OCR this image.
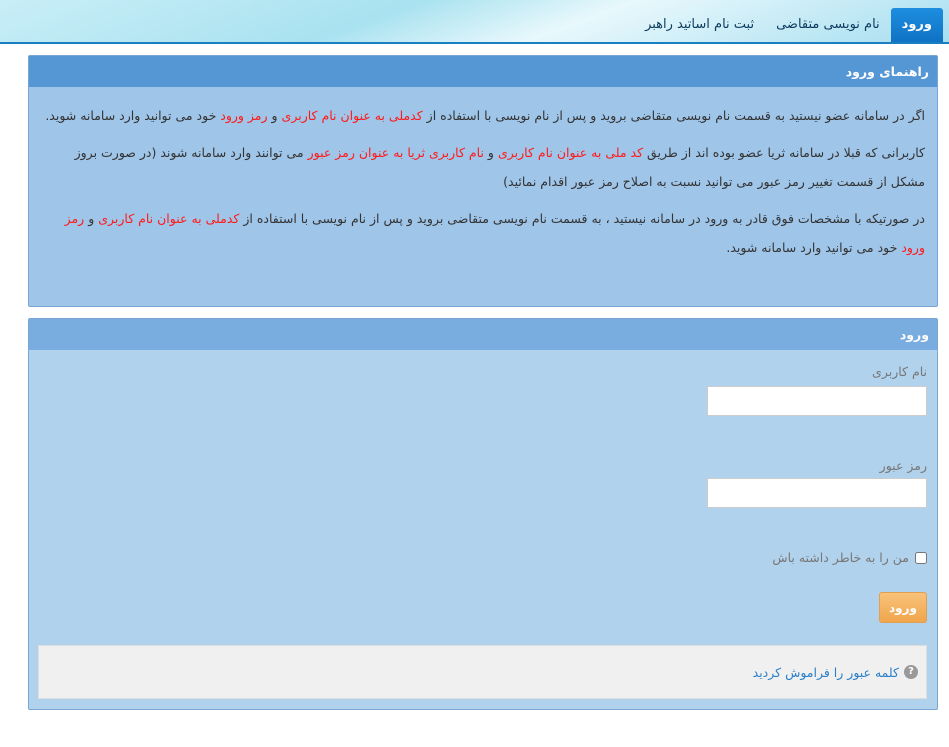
ورود
نام نویسی متقاضی
ثبت نام اساتید راهبر
راهنمای ورود

اگر در سامانه عضو نیستید به قسمت نام نویسی متقاضی بروید و پس از نام نویسی با استفاده از کدملی به عنوان نام کاربری و رمز ورود خود می توانید وارد سامانه شوید.

کاربرانی که قبلا در سامانه ثریا عضو بوده اند از طریق کد ملی به عنوان نام کاربری و نام کاربری ثریا به عنوان رمز عبور می توانند وارد سامانه شوند (در صورت بروز مشکل از قسمت تغییر رمز عبور می توانید نسبت به اصلاح رمز عبور اقدام نمائید)

در صورتیکه با مشخصات فوق قادر به ورود در سامانه نیستید ، به قسمت نام نویسی متقاضی بروید و پس از نام نویسی با استفاده از کدملی به عنوان نام کاربری و رمز ورود خود می توانید وارد سامانه شوید.

ورود
نام کاربری
رمز عبور
من را به خاطر داشته باش
ورود
?
کلمه عبور را فراموش کردید
